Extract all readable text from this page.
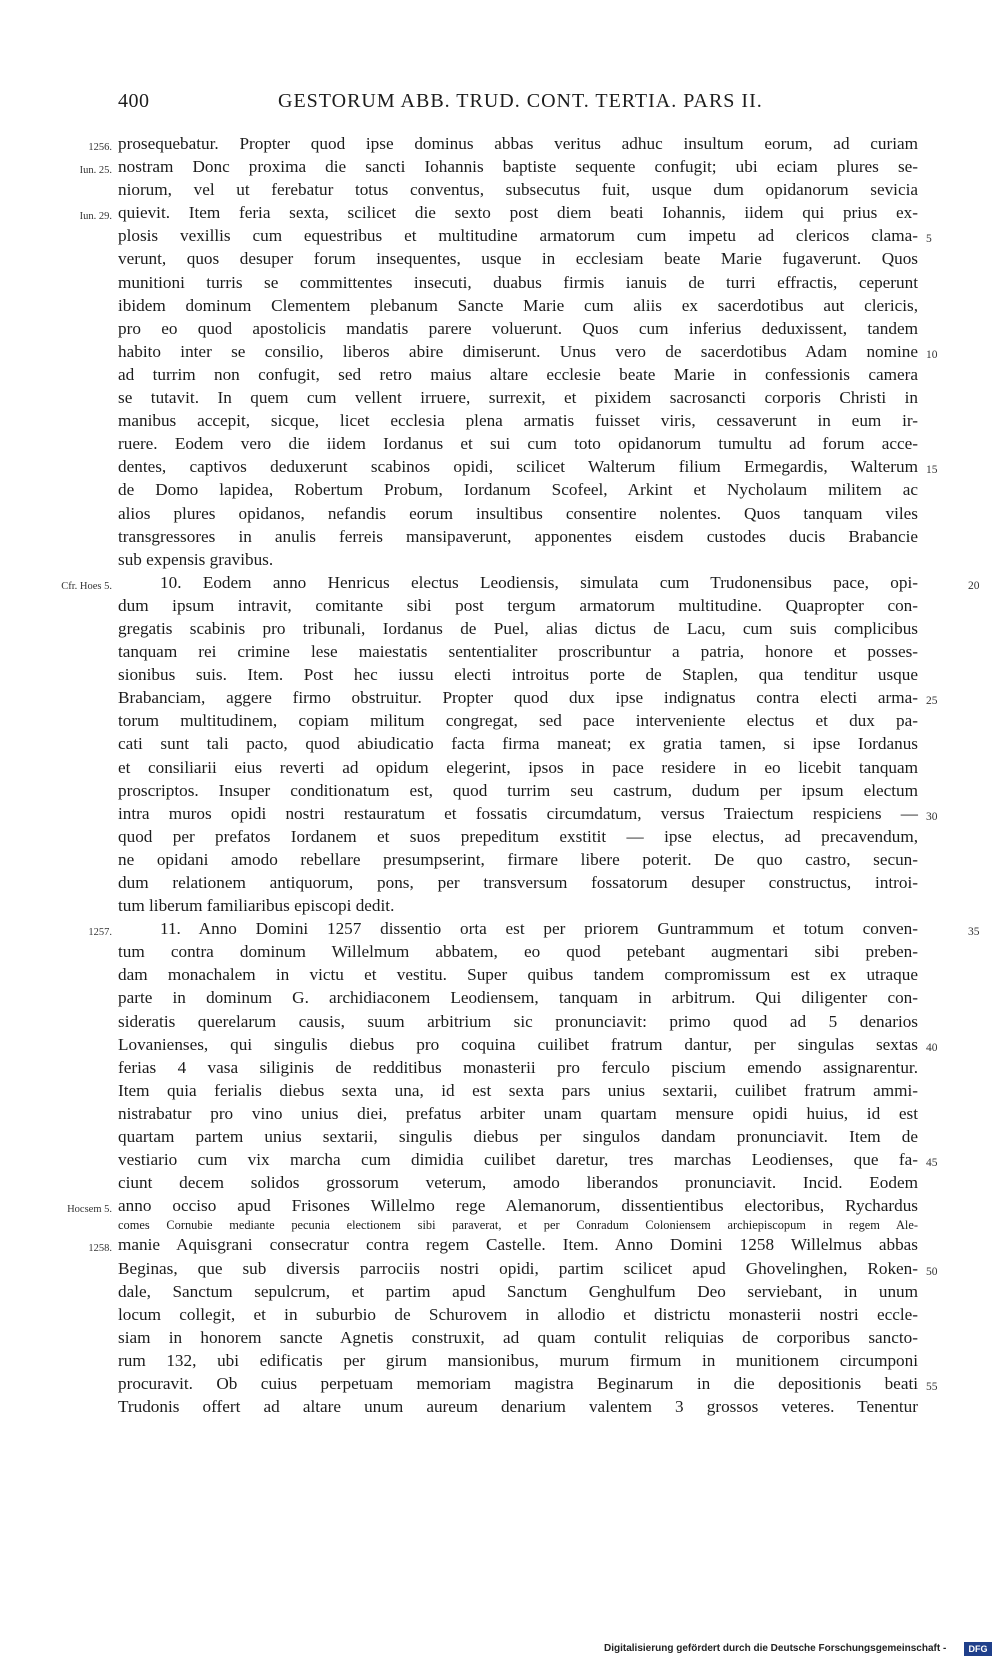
400	GESTORUM ABB. TRUD. CONT. TERTIA. PARS II.
prosequebatur. Propter quod ipse dominus abbas veritus adhuc insultum eorum, ad curiam
1256.
nostram Donc proxima die sancti Iohannis baptiste sequente confugit; ubi eciam plures se-
Iun. 25.
niorum, vel ut ferebatur totus conventus, subsecutus fuit, usque dum opidanorum sevicia
quievit. Item feria sexta, scilicet die sexto post diem beati Iohannis, iidem qui prius ex-
Iun. 29.
plosis vexillis cum equestribus et multitudine armatorum cum impetu ad clericos clama- 5
verunt, quos desuper forum insequentes, usque in ecclesiam beate Marie fugaverunt. Quos
munitioni turris se committentes insecuti, duabus firmis ianuis de turri effractis, ceperunt
ibidem dominum Clementem plebanum Sancte Marie cum aliis ex sacerdotibus aut clericis,
pro eo quod apostolicis mandatis parere voluerunt. Quos cum inferius deduxissent, tandem
habito inter se consilio, liberos abire dimiserunt. Unus vero de sacerdotibus Adam nomine 10
ad turrim non confugit, sed retro maius altare ecclesie beate Marie in confessionis camera
se tutavit. In quem cum vellent irruere, surrexit, et pixidem sacrosancti corporis Christi in
manibus accepit, sicque, licet ecclesia plena armatis fuisset viris, cessaverunt in eum ir-
ruere. Eodem vero die iidem Iordanus et sui cum toto opidanorum tumultu ad forum acce-
dentes, captivos deduxerunt scabinos opidi, scilicet Walterum filium Ermegardis, Walterum 15
de Domo lapidea, Robertum Probum, Iordanum Scofeel, Arkint et Nycholaum militem ac
alios plures opidanos, nefandis eorum insultibus consentire nolentes. Quos tanquam viles
transgressores in anulis ferreis mansipaverunt, apponentes eisdem custodes ducis Brabancie
sub expensis gravibus.
10. Eodem anno Henricus electus Leodiensis, simulata cum Trudonensibus pace, opi-
Cfr. Hoes 5.	20
dum ipsum intravit, comitante sibi post tergum armatorum multitudine. Quapropter con-
gregatis scabinis pro tribunali, Iordanus de Puel, alias dictus de Lacu, cum suis complicibus
tanquam rei crimine lese maiestatis sententialiter proscribuntur a patria, honore et posses-
sionibus suis. Item. Post hec iussu electi introitus porte de Staplen, qua tenditur usque
Brabanciam, aggere firmo obstruitur. Propter quod dux ipse indignatus contra electi arma- 25
torum multitudinem, copiam militum congregat, sed pace interveniente electus et dux pa-
cati sunt tali pacto, quod abiudicatio facta firma maneat; ex gratia tamen, si ipse Iordanus
et consiliarii eius reverti ad opidum elegerint, ipsos in pace residere in eo licebit tanquam
proscriptos. Insuper conditionatum est, quod turrim seu castrum, dudum per ipsum electum
intra muros opidi nostri restauratum et fossatis circumdatum, versus Traiectum respiciens — 30
quod per prefatos Iordanem et suos prepeditum exstitit — ipse electus, ad precavendum,
ne opidani amodo rebellare presumpserint, firmare libere poterit. De quo castro, secun-
dum relationem antiquorum, pons, per transversum fossatorum desuper constructus, introi-
tum liberum familiaribus episcopi dedit.
11. Anno Domini 1257 dissentio orta est per priorem Guntrammum et totum conven-
1257.	35
tum contra dominum Willelmum abbatem, eo quod petebant augmentari sibi preben-
dam monachalem in victu et vestitu. Super quibus tandem compromissum est ex utraque
parte in dominum G. archidiaconem Leodiensem, tanquam in arbitrum. Qui diligenter con-
sideratis querelarum causis, suum arbitrium sic pronunciavit: primo quod ad 5 denarios
Lovanienses, qui singulis diebus pro coquina cuilibet fratrum dantur, per singulas sextas 40
ferias 4 vasa siliginis de redditibus monasterii pro ferculo piscium emendo assignarentur.
Item quia ferialis diebus sexta una, id est sexta pars unius sextarii, cuilibet fratrum ammi-
nistrabatur pro vino unius diei, prefatus arbiter unam quartam mensure opidi huius, id est
quartam partem unius sextarii, singulis diebus per singulos dandam pronunciavit. Item de
vestiario cum vix marcha cum dimidia cuilibet daretur, tres marchas Leodienses, que fa- 45
ciunt decem solidos grossorum veterum, amodo liberandos pronunciavit. Incid. Eodem
anno occiso apud Frisones Willelmo rege Alemanorum, dissentientibus electoribus, Rychardus
Hocsem 5.
comes Cornubie mediante pecunia electionem sibi paraverat, et per Conradum Coloniensem archiepiscopum in regem Ale-
manie Aquisgrani consecratur contra regem Castelle. Item. Anno Domini 1258 Willelmus abbas
1258.
Beginas, que sub diversis parrociis nostri opidi, partim scilicet apud Ghovelinghen, Roken- 50
dale, Sanctum sepulcrum, et partim apud Sanctum Genghulfum Deo serviebant, in unum
locum collegit, et in suburbio de Schurovem in allodio et districtu monasterii nostri eccle-
siam in honorem sancte Agnetis construxit, ad quam contulit reliquias de corporibus sancto-
rum 132, ubi edificatis per girum mansionibus, murum firmum in munitionem circumponi
procuravit. Ob cuius perpetuam memoriam magistra Beginarum in die depositionis beati 55
Trudonis offert ad altare unum aureum denarium valentem 3 grossos veteres. Tenentur
Digitalisierung gefördert durch die Deutsche Forschungsgemeinschaft -	DFG
